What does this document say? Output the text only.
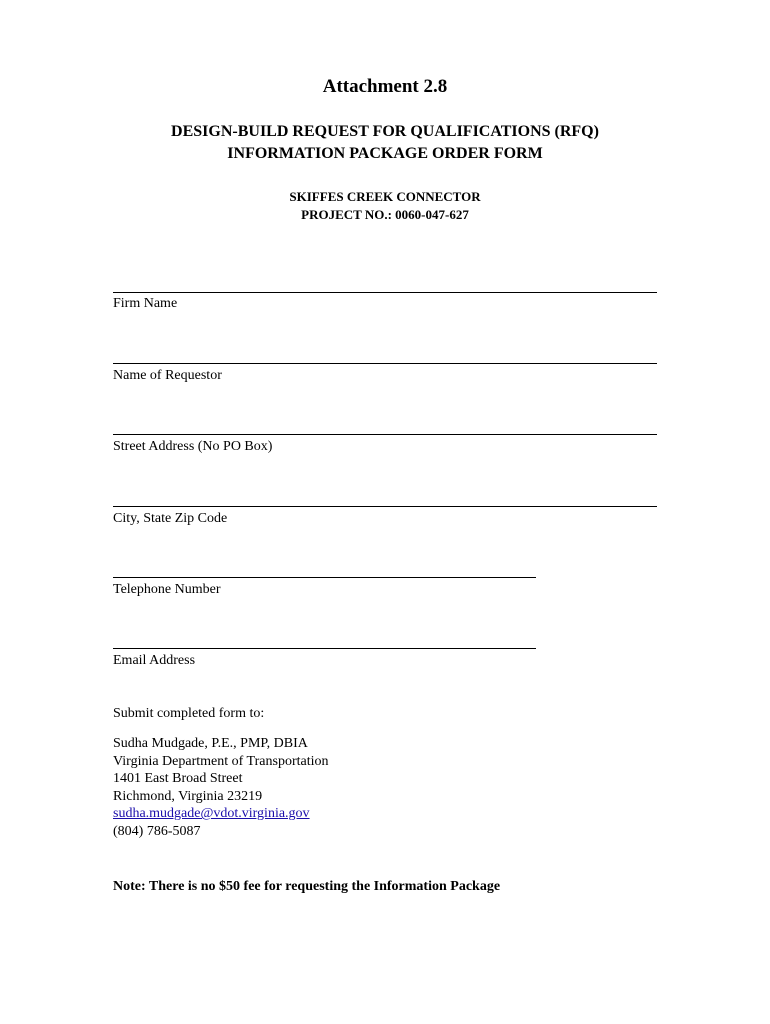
Attachment 2.8
DESIGN-BUILD REQUEST FOR QUALIFICATIONS (RFQ)
INFORMATION PACKAGE ORDER FORM
SKIFFES CREEK CONNECTOR
PROJECT NO.: 0060-047-627
Firm Name
Name of Requestor
Street Address (No PO Box)
City, State Zip Code
Telephone Number
Email Address
Submit completed form to:
Sudha Mudgade, P.E., PMP, DBIA
Virginia Department of Transportation
1401 East Broad Street
Richmond, Virginia 23219
sudha.mudgade@vdot.virginia.gov
(804) 786-5087
Note: There is no $50 fee for requesting the Information Package
